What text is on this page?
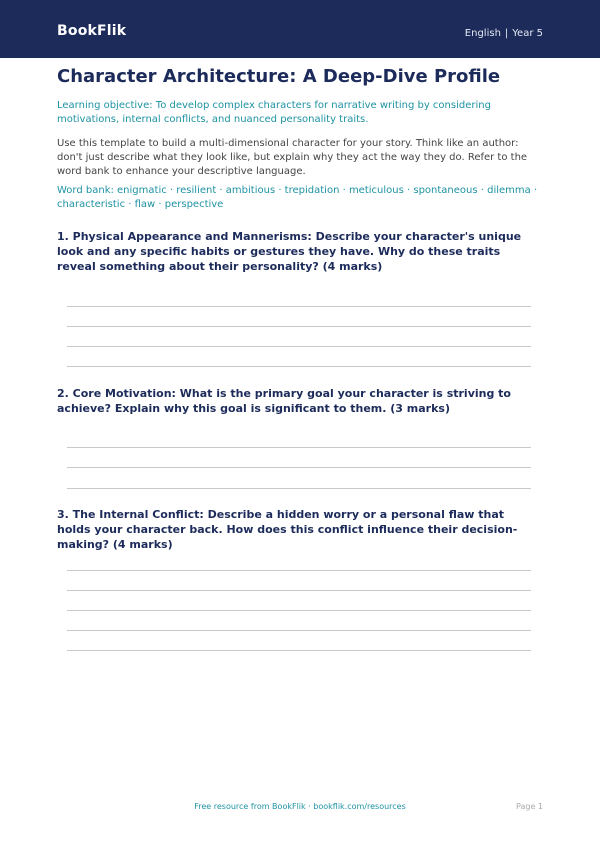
BookFlik	English | Year 5
Character Architecture: A Deep-Dive Profile
Learning objective: To develop complex characters for narrative writing by considering motivations, internal conflicts, and nuanced personality traits.
Use this template to build a multi-dimensional character for your story. Think like an author: don't just describe what they look like, but explain why they act the way they do. Refer to the word bank to enhance your descriptive language.
Word bank: enigmatic · resilient · ambitious · trepidation · meticulous · spontaneous · dilemma · characteristic · flaw · perspective
1. Physical Appearance and Mannerisms: Describe your character's unique look and any specific habits or gestures they have. Why do these traits reveal something about their personality? (4 marks)
2. Core Motivation: What is the primary goal your character is striving to achieve? Explain why this goal is significant to them. (3 marks)
3. The Internal Conflict: Describe a hidden worry or a personal flaw that holds your character back. How does this conflict influence their decision-making? (4 marks)
Free resource from BookFlik · bookflik.com/resources	Page 1
